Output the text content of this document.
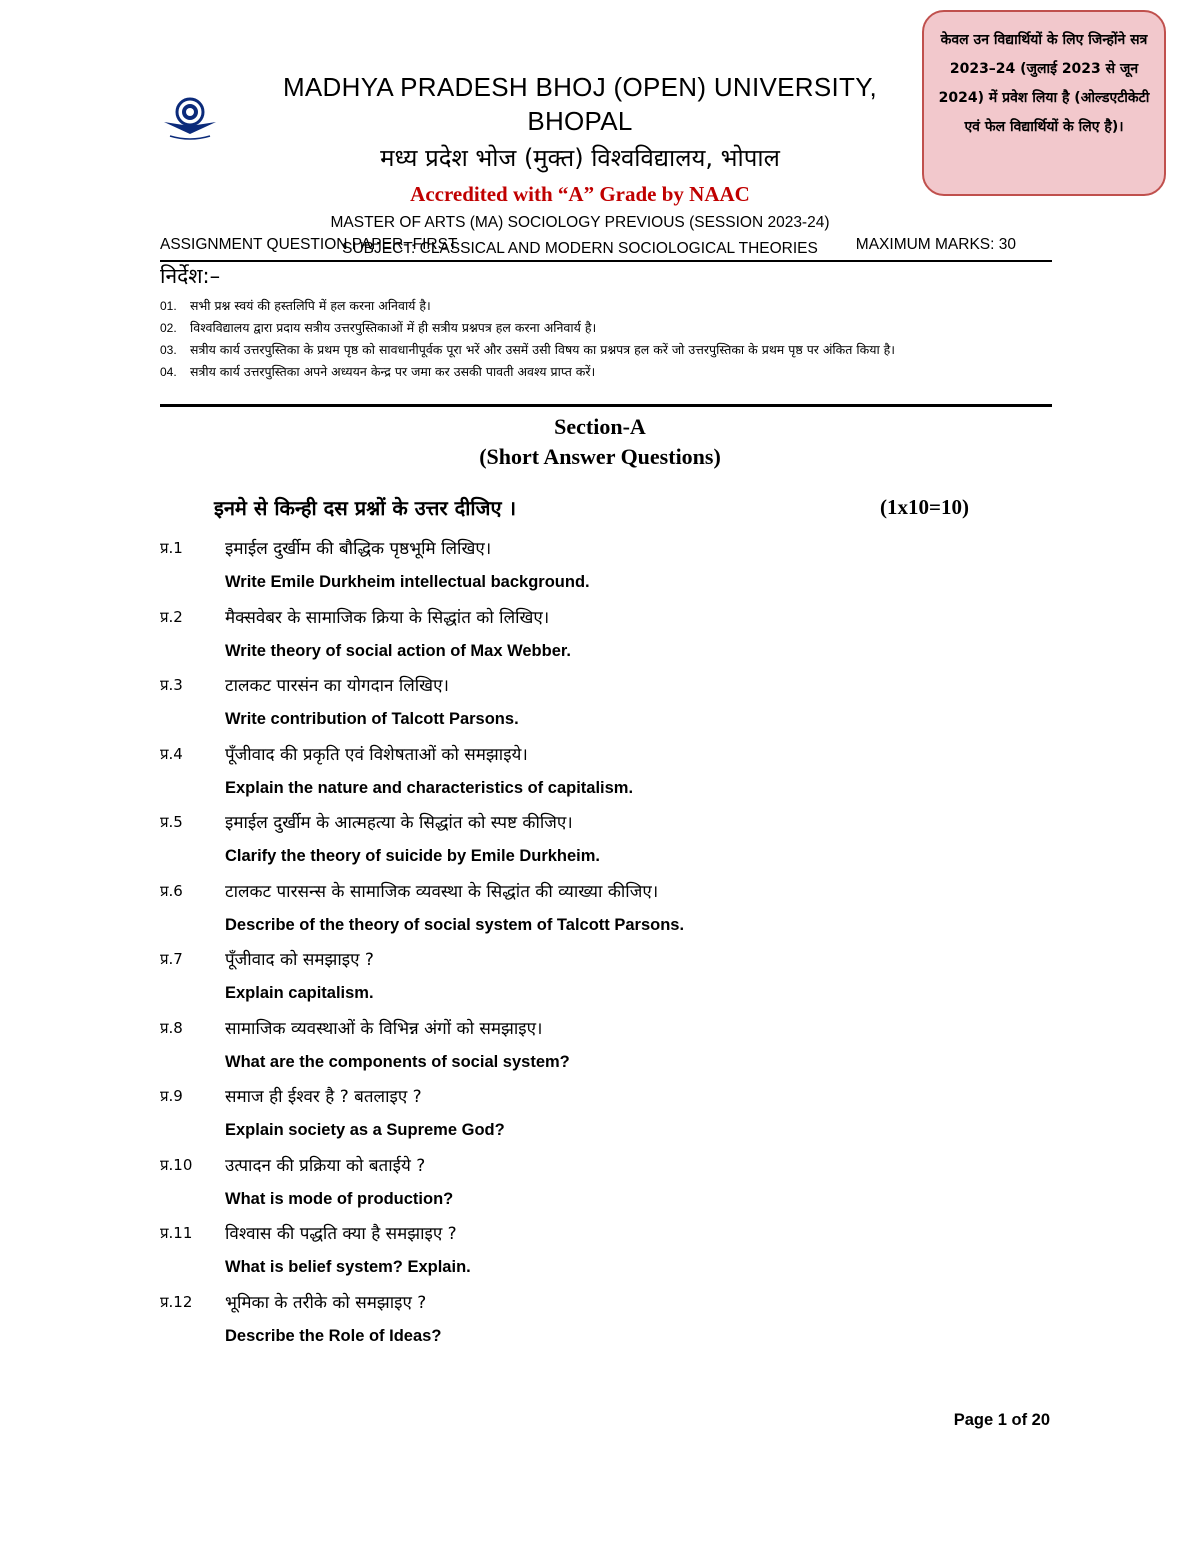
MADHYA PRADESH BHOJ (OPEN) UNIVERSITY, BHOPAL
मध्य प्रदेश भोज (मुक्त) विश्वविद्यालय, भोपाल
Accredited with “A” Grade by NAAC
MASTER OF ARTS (MA) SOCIOLOGY PREVIOUS (SESSION 2023-24)
SUBJECT: CLASSICAL AND MODERN SOCIOLOGICAL THEORIES
केवल उन विद्यार्थियों के लिए जिन्होंने सत्र 2023–24 (जुलाई 2023 से जून 2024) में प्रवेश लिया है (ओल्डएटीकेटी एवं फेल विद्यार्थियों के लिए है)।
ASSIGNMENT QUESTION PAPER- FIRST	MAXIMUM MARKS: 30
निर्देश:–
01. सभी प्रश्न स्वयं की हस्तलिपि में हल करना अनिवार्य है।
02. विश्वविद्यालय द्वारा प्रदाय सत्रीय उत्तरपुस्तिकाओं में ही सत्रीय प्रश्नपत्र हल करना अनिवार्य है।
03. सत्रीय कार्य उत्तरपुस्तिका के प्रथम पृष्ठ को सावधानीपूर्वक पूरा भरें और उसमें उसी विषय का प्रश्नपत्र हल करें जो उत्तरपुस्तिका के प्रथम पृष्ठ पर अंकित किया है।
04. सत्रीय कार्य उत्तरपुस्तिका अपने अध्ययन केन्द्र पर जमा कर उसकी पावती अवश्य प्राप्त करें।
Section-A
(Short Answer Questions)
इनमे से किन्ही दस प्रश्नों के उत्तर दीजिए ।	(1x10=10)
प्र.1 इमाईल दुर्खीम की बौद्धिक पृष्ठभूमि लिखिए।
Write Emile Durkheim intellectual background.
प्र.2 मैक्सवेबर के सामाजिक क्रिया के सिद्धांत को लिखिए।
Write theory of social action of Max Webber.
प्र.3 टालकट पारसंन का योगदान लिखिए।
Write contribution of Talcott Parsons.
प्र.4 पूँजीवाद की प्रकृति एवं विशेषताओं को समझाइये।
Explain the nature and characteristics of capitalism.
प्र.5 इमाईल दुर्खीम के आत्महत्या के सिद्धांत को स्पष्ट कीजिए।
Clarify the theory of suicide by Emile Durkheim.
प्र.6 टालकट पारसन्स के सामाजिक व्यवस्था के सिद्धांत की व्याख्या कीजिए।
Describe of the theory of social system of Talcott Parsons.
प्र.7 पूँजीवाद को समझाइए ?
Explain capitalism.
प्र.8 सामाजिक व्यवस्थाओं के विभिन्न अंगों को समझाइए।
What are the components of social system?
प्र.9 समाज ही ईश्वर है ? बतलाइए ?
Explain society as a Supreme God?
प्र.10 उत्पादन की प्रक्रिया को बताईये ?
What is mode of production?
प्र.11 विश्वास की पद्धति क्या है समझाइए ?
What is belief system? Explain.
प्र.12 भूमिका के तरीके को समझाइए ?
Describe the Role of Ideas?
Page 1 of 20
